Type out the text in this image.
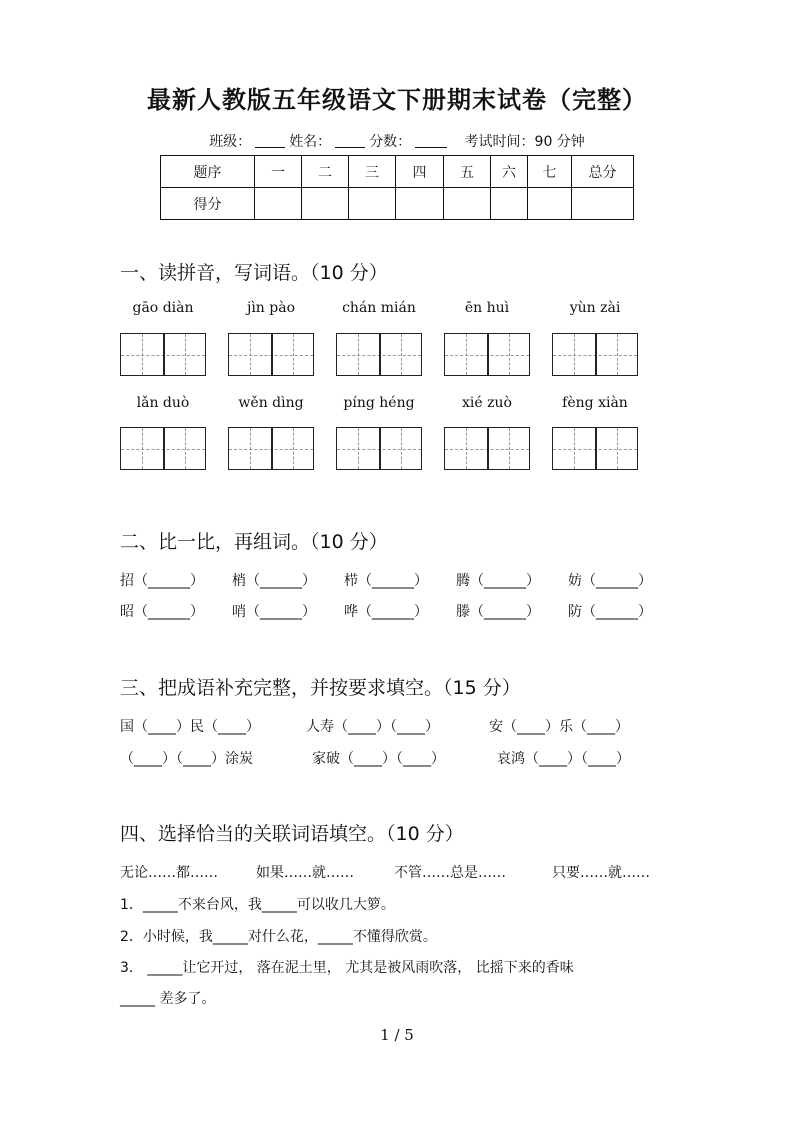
最新人教版五年级语文下册期末试卷（完整）
班级：	姓名：	分数：	考试时间：90 分钟
题序	一	二	三	四	五	六	七	总分
得分								
一、读拼音，写词语。（10 分）
gāo diàn	jìn pào	chán mián	ēn huì	yùn zài
lǎn duò	wěn dìng	píng héng	xié zuò	fèng xiàn
二、比一比，再组词。（10 分）
招（______） 梢（______） 栉（______） 腾（______） 妨（______）
昭（______） 哨（______） 哗（______） 滕（______） 防（______）
三、把成语补充完整，并按要求填空。（15 分）
国（____）民（____）	人寿（____）（____）	安（____）乐（____）
（____）（____）涂炭	家破（____）（____）	哀鸿（____）（____）
四、选择恰当的关联词语填空。（10 分）
无论……都……	如果……就……	不管……总是……	只要……就……
1．_____不来台风，我_____可以收几大箩。
2．小时候，我_____对什么花，_____不懂得欣赏。
3． _____让它开过， 落在泥土里， 尤其是被风雨吹落， 比摇下来的香味
_____ 差多了。
1 / 5
